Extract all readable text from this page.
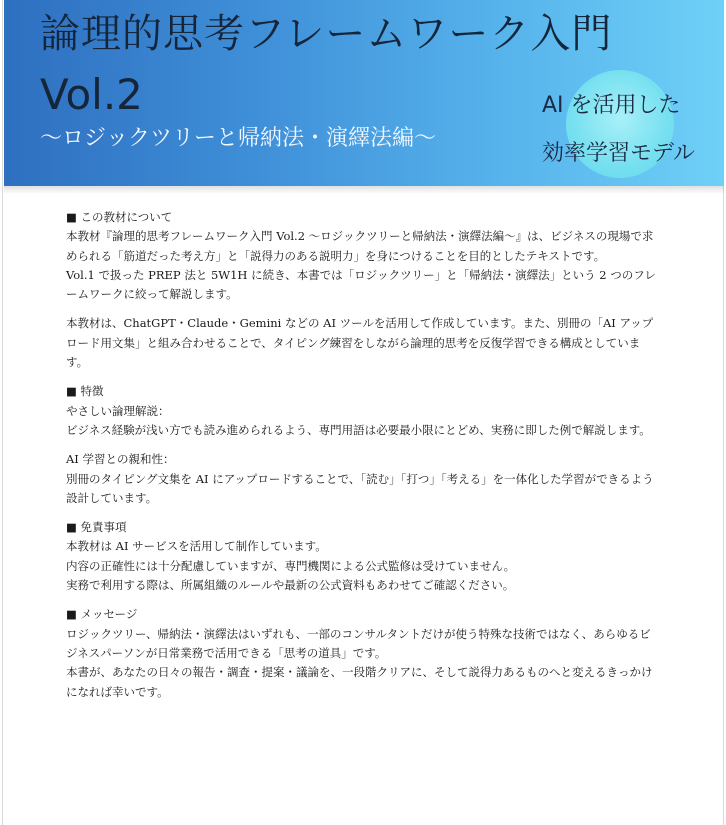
論理的思考フレームワーク入門
Vol.2
〜ロジックツリーと帰納法・演繹法編〜
AI を活用した
効率学習モデル
■ この教材について

本教材『論理的思考フレームワーク入門 Vol.2 〜ロジックツリーと帰納法・演繹法編〜』は、ビジネスの現場で求められる「筋道だった考え方」と「説得力のある説明力」を身につけることを目的としたテキストです。

Vol.1 で扱った PREP 法と 5W1H に続き、本書では「ロジックツリー」と「帰納法・演繹法」という 2 つのフレームワークに絞って解説します。

本教材は、ChatGPT・Claude・Gemini などの AI ツールを活用して作成しています。また、別冊の「AI アップロード用文集」と組み合わせることで、タイピング練習をしながら論理的思考を反復学習できる構成としています。

■ 特徴

やさしい論理解説：

ビジネス経験が浅い方でも読み進められるよう、専門用語は必要最小限にとどめ、実務に即した例で解説します。

AI 学習との親和性：

別冊のタイピング文集を AI にアップロードすることで、「読む」「打つ」「考える」を一体化した学習ができるよう設計しています。

■ 免責事項

本教材は AI サービスを活用して制作しています。

内容の正確性には十分配慮していますが、専門機関による公式監修は受けていません。

実務で利用する際は、所属組織のルールや最新の公式資料もあわせてご確認ください。

■ メッセージ

ロジックツリー、帰納法・演繹法はいずれも、一部のコンサルタントだけが使う特殊な技術ではなく、あらゆるビジネスパーソンが日常業務で活用できる「思考の道具」です。

本書が、あなたの日々の報告・調査・提案・議論を、一段階クリアに、そして説得力あるものへと変えるきっかけになれば幸いです。
